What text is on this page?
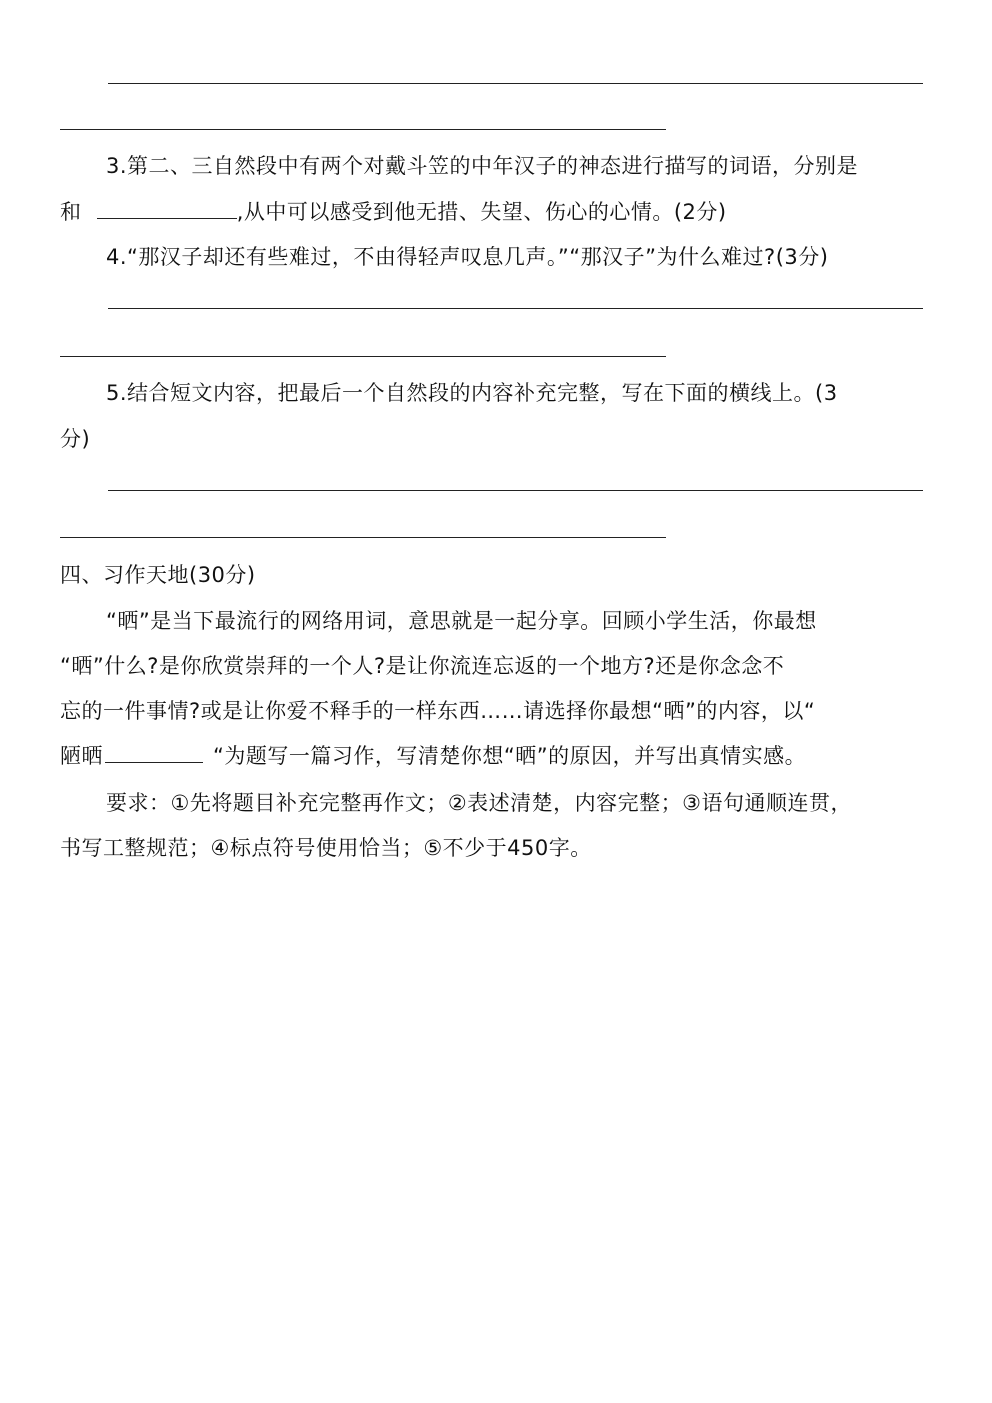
3.第二、三自然段中有两个对戴斗笠的中年汉子的神态进行描写的词语，分别是
和	,从中可以感受到他无措、失望、伤心的心情。(2分)
4.“那汉子却还有些难过，不由得轻声叹息几声。”“那汉子”为什么难过?(3分)
5.结合短文内容，把最后一个自然段的内容补充完整，写在下面的横线上。(3
分)
四、习作天地(30分)
“晒”是当下最流行的网络用词，意思就是一起分享。回顾小学生活，你最想
“晒”什么?是你欣赏崇拜的一个人?是让你流连忘返的一个地方?还是你念念不
忘的一件事情?或是让你爱不释手的一样东西……请选择你最想“晒”的内容，以“
陋晒	“为题写一篇习作，写清楚你想“晒”的原因，并写出真情实感。
要求：①先将题目补充完整再作文；②表述清楚，内容完整；③语句通顺连贯，
书写工整规范；④标点符号使用恰当；⑤不少于450字。
